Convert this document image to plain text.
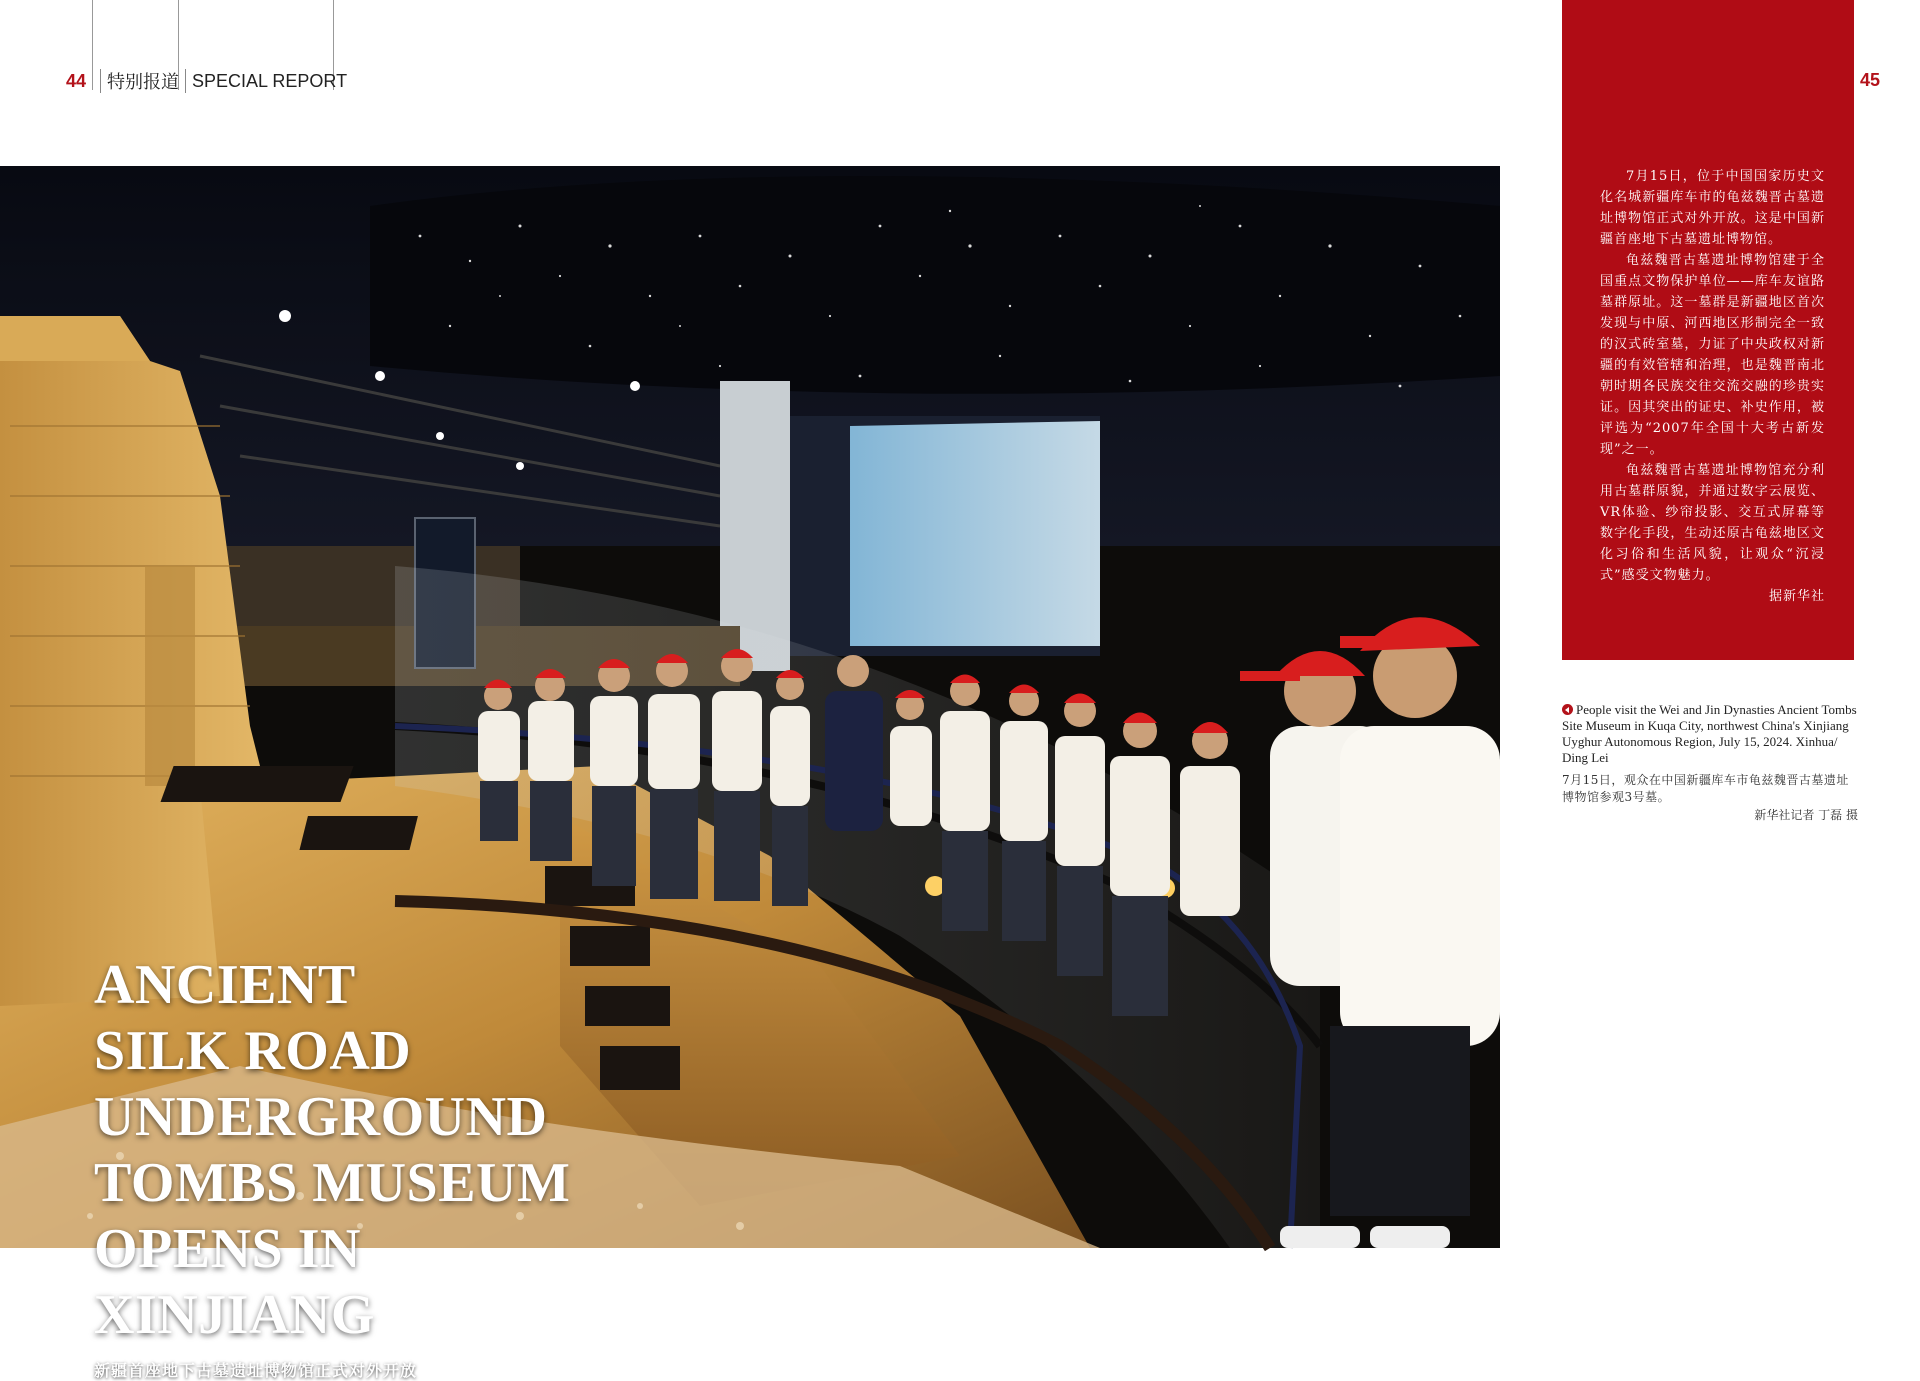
44 特别报道 SPECIAL REPORT
ANCIENT
SILK ROAD
UNDERGROUND
TOMBS MUSEUM
OPENS IN
XINJIANG
新疆首座地下古墓遗址博物馆正式对外开放
45

7月15日，位于中国国家历史文化名城新疆库车市的龟兹魏晋古墓遗址博物馆正式对外开放。这是中国新疆首座地下古墓遗址博物馆。

龟兹魏晋古墓遗址博物馆建于全国重点文物保护单位——库车友谊路墓群原址。这一墓群是新疆地区首次发现与中原、河西地区形制完全一致的汉式砖室墓，力证了中央政权对新疆的有效管辖和治理，也是魏晋南北朝时期各民族交往交流交融的珍贵实证。因其突出的证史、补史作用，被评选为“2007年全国十大考古新发现”之一。

龟兹魏晋古墓遗址博物馆充分利用古墓群原貌，并通过数字云展览、VR体验、纱帘投影、交互式屏幕等数字化手段，生动还原古龟兹地区文化习俗和生活风貌，让观众“沉浸式”感受文物魅力。

据新华社

People visit the Wei and Jin Dynasties Ancient Tombs Site Museum in Kuqa City, northwest China's Xinjiang Uyghur Autonomous Region, July 15, 2024. Xinhua/ Ding Lei
7月15日，观众在中国新疆库车市龟兹魏晋古墓遗址博物馆参观3号墓。
新华社记者 丁磊 摄
